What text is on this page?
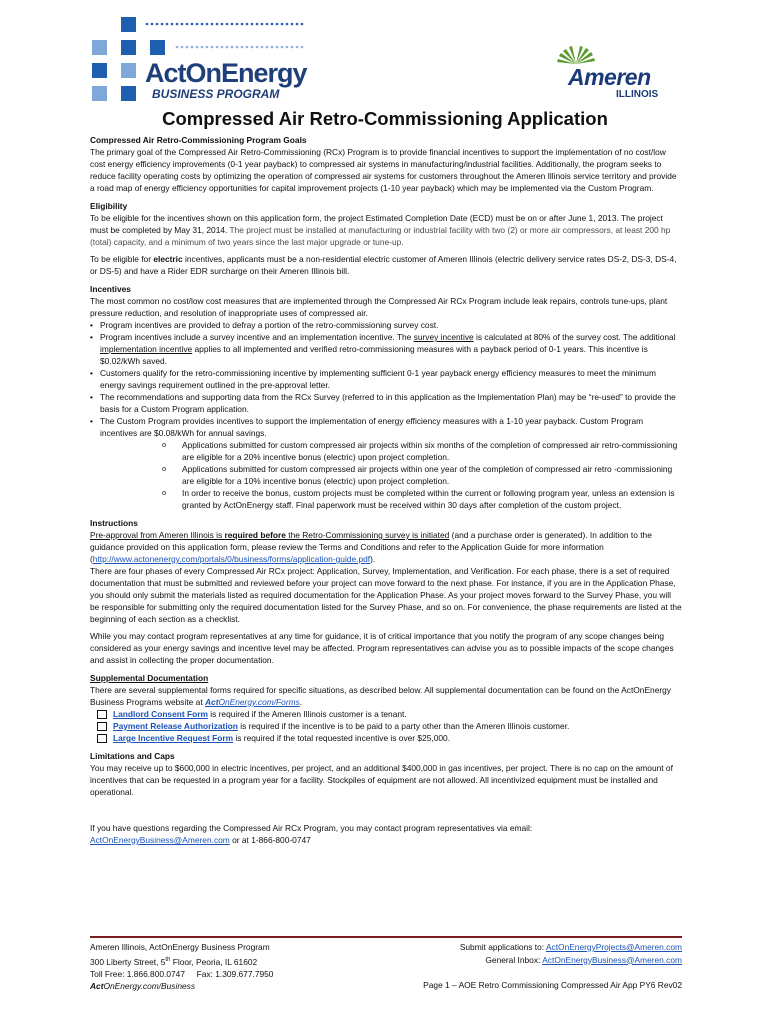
ActOnEnergy
BUSINESS PROGRAM
Ameren
ILLINOIS
Compressed Air Retro-Commissioning Application

Compressed Air Retro-Commissioning Program Goals

The primary goal of the Compressed Air Retro-Commissioning (RCx) Program is to provide financial incentives to support the implementation of no cost/low cost energy efficiency improvements (0-1 year payback) to compressed air systems in manufacturing/industrial facilities. Additionally, the program seeks to reduce facility operating costs by optimizing the operation of compressed air systems for customers throughout the Ameren Illinois service territory and provide a road map of energy efficiency opportunities for capital improvement projects (1-10 year payback) which may be implemented via the Custom Program.

Eligibility

To be eligible for the incentives shown on this application form, the project Estimated Completion Date (ECD) must be on or after June 1, 2013. The project must be completed by May 31, 2014. The project must be installed at manufacturing or industrial facility with two (2) or more air compressors, at least 200 hp (total) capacity, and a minimum of two years since the last major upgrade or tune-up.

To be eligible for electric incentives, applicants must be a non-residential electric customer of Ameren Illinois (electric delivery service rates DS-2, DS-3, DS-4, or DS-5) and have a Rider EDR surcharge on their Ameren Illinois bill.

Incentives

The most common no cost/low cost measures that are implemented through the Compressed Air RCx Program include leak repairs, controls tune-ups, plant pressure reduction, and resolution of inappropriate uses of compressed air.

• Program incentives are provided to defray a portion of the retro-commissioning survey cost.
• Program incentives include a survey incentive and an implementation incentive. The survey incentive is calculated at 80% of the survey cost. The additional implementation incentive applies to all implemented and verified retro-commissioning measures with a payback period of 0-1 years. This incentive is $0.02/kWh saved.
• Customers qualify for the retro-commissioning incentive by implementing sufficient 0-1 year payback energy efficiency measures to meet the minimum energy savings requirement outlined in the pre-approval letter.
• The recommendations and supporting data from the RCx Survey (referred to in this application as the Implementation Plan) may be “re-used” to provide the basis for a Custom Program application.
• The Custom Program provides incentives to support the implementation of energy efficiency measures with a 1-10 year payback. Custom Program incentives are $0.08/kWh for annual savings.
o Applications submitted for custom compressed air projects within six months of the completion of compressed air retro-commissioning are eligible for a 20% incentive bonus (electric) upon project completion.
o Applications submitted for custom compressed air projects within one year of the completion of compressed air retro -commissioning are eligible for a 10% incentive bonus (electric) upon project completion.
o In order to receive the bonus, custom projects must be completed within the current or following program year, unless an extension is granted by ActOnEnergy staff. Final paperwork must be received within 30 days after completion of the custom project.

Instructions

Pre-approval from Ameren Illinois is required before the Retro-Commissioning survey is initiated (and a purchase order is generated). In addition to the guidance provided on this application form, please review the Terms and Conditions and refer to the Application Guide for more information (http://www.actonenergy.com/portals/0/business/forms/application-guide.pdf).

There are four phases of every Compressed Air RCx project: Application, Survey, Implementation, and Verification. For each phase, there is a set of required documentation that must be submitted and reviewed before your project can move forward to the next phase. For instance, if you are in the Application Phase, you should only submit the materials listed as required documentation for the Application Phase. As your project moves forward to the Survey Phase, you will be responsible for submitting only the required documentation listed for the Survey Phase, and so on. For convenience, the phase requirements are listed at the beginning of each section as a checklist.

While you may contact program representatives at any time for guidance, it is of critical importance that you notify the program of any scope changes being considered as your energy savings and incentive level may be affected. Program representatives can advise you as to possible impacts of the scope changes and assist in collecting the proper documentation.

Supplemental Documentation

There are several supplemental forms required for specific situations, as described below. All supplemental documentation can be found on the ActOnEnergy Business Programs website at ActOnEnergy.com/Forms.

Landlord Consent Form is required if the Ameren Illinois customer is a tenant.
Payment Release Authorization is required if the incentive is to be paid to a party other than the Ameren Illinois customer.
Large Incentive Request Form is required if the total requested incentive is over $25,000.

Limitations and Caps

You may receive up to $600,000 in electric incentives, per project, and an additional $400,000 in gas incentives, per project. There is no cap on the amount of incentives that can be requested in a program year for a facility. Stockpiles of equipment are not allowed. All incentivized equipment must be installed and operational.

If you have questions regarding the Compressed Air RCx Program, you may contact program representatives via email:

ActOnEnergyBusiness@Ameren.com or at 1-866-800-0747

Ameren Illinois, ActOnEnergy Business Program
300 Liberty Street, 5th Floor, Peoria, IL 61602
Toll Free: 1.866.800.0747     Fax: 1.309.677.7950
ActOnEnergy.com/Business
Submit applications to: ActOnEnergyProjects@Ameren.com
General Inbox: ActOnEnergyBusiness@Ameren.com
Page 1 – AOE Retro Commissioning Compressed Air App PY6 Rev02
